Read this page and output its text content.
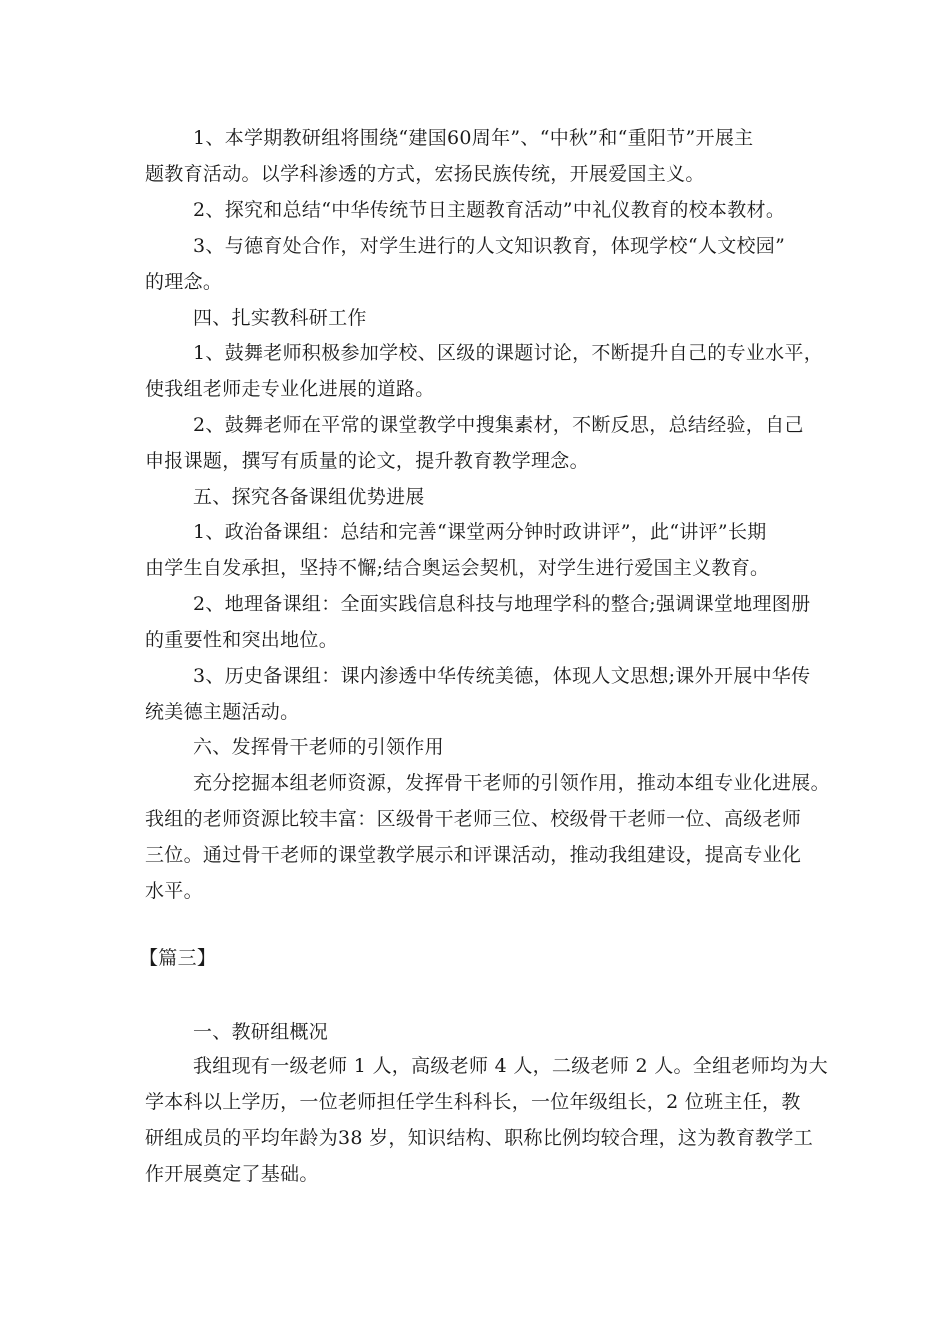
1、本学期教研组将围绕“建国60周年”、“中秋”和“重阳节”开展主
题教育活动。以学科渗透的方式，宏扬民族传统，开展爱国主义。
2、探究和总结“中华传统节日主题教育活动”中礼仪教育的校本教材。
3、与德育处合作，对学生进行的人文知识教育，体现学校“人文校园”
的理念。
四、扎实教科研工作
1、鼓舞老师积极参加学校、区级的课题讨论，不断提升自己的专业水平，
使我组老师走专业化进展的道路。
2、鼓舞老师在平常的课堂教学中搜集素材，不断反思，总结经验，自己
申报课题，撰写有质量的论文，提升教育教学理念。
五、探究各备课组优势进展
1、政治备课组：总结和完善“课堂两分钟时政讲评”，此“讲评”长期
由学生自发承担，坚持不懈;结合奥运会契机，对学生进行爱国主义教育。
2、地理备课组：全面实践信息科技与地理学科的整合;强调课堂地理图册
的重要性和突出地位。
3、历史备课组：课内渗透中华传统美德，体现人文思想;课外开展中华传
统美德主题活动。
六、发挥骨干老师的引领作用
充分挖掘本组老师资源，发挥骨干老师的引领作用，推动本组专业化进展。
我组的老师资源比较丰富：区级骨干老师三位、校级骨干老师一位、高级老师
三位。通过骨干老师的课堂教学展示和评课活动，推动我组建设，提高专业化
水平。
【篇三】
一、教研组概况
我组现有一级老师 1 人，高级老师 4 人，二级老师 2 人。全组老师均为大
学本科以上学历，一位老师担任学生科科长，一位年级组长，2 位班主任，教
研组成员的平均年龄为38 岁，知识结构、职称比例均较合理，这为教育教学工
作开展奠定了基础。
